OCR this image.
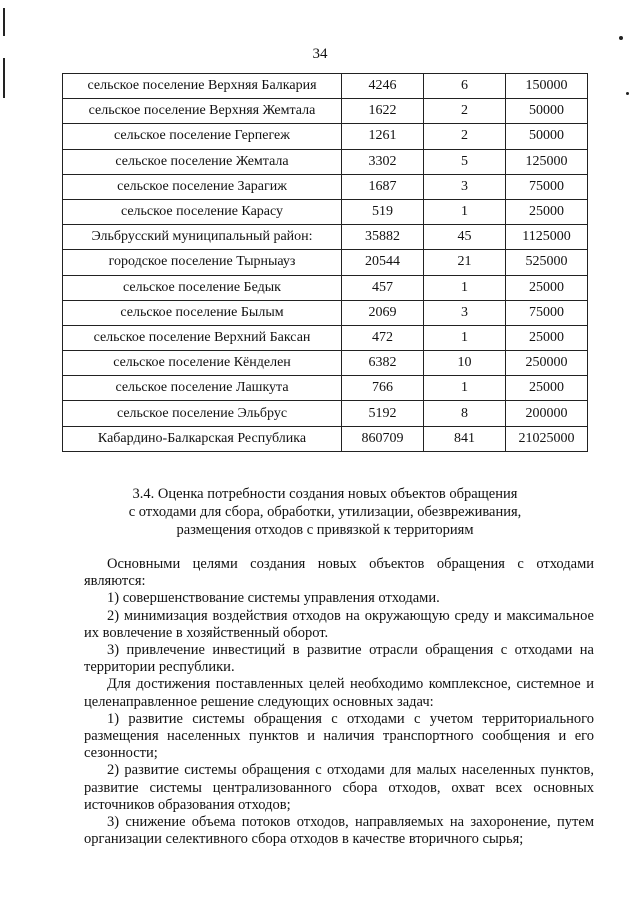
34
сельское поселение Верхняя Балкария	4246	6	150000
сельское поселение Верхняя Жемтала	1622	2	50000
сельское поселение Герпегеж	1261	2	50000
сельское поселение Жемтала	3302	5	125000
сельское поселение Зарагиж	1687	3	75000
сельское поселение Карасу	519	1	25000
Эльбрусский муниципальный район:	35882	45	1125000
городское поселение Тырныауз	20544	21	525000
сельское поселение Бедык	457	1	25000
сельское поселение Былым	2069	3	75000
сельское поселение Верхний Баксан	472	1	25000
сельское поселение Кёнделен	6382	10	250000
сельское поселение Лашкута	766	1	25000
сельское поселение Эльбрус	5192	8	200000
Кабардино-Балкарская Республика	860709	841	21025000
3.4. Оценка потребности создания новых объектов обращения
с отходами для сбора, обработки, утилизации, обезвреживания,
размещения отходов с привязкой к территориям

Основными целями создания новых объектов обращения с отходами являются:

1) совершенствование системы управления отходами.

2) минимизация воздействия отходов на окружающую среду и максимальное их вовлечение в хозяйственный оборот.

3) привлечение инвестиций в развитие отрасли обращения с отходами на территории республики.

Для достижения поставленных целей необходимо комплексное, системное и целенаправленное решение следующих основных задач:

1) развитие системы обращения с отходами с учетом территориального размещения населенных пунктов и наличия транспортного сообщения и его сезонности;

2) развитие системы обращения с отходами для малых населенных пунктов, развитие системы централизованного сбора отходов, охват всех основных источников образования отходов;

3) снижение объема потоков отходов, направляемых на захоронение, путем организации селективного сбора отходов в качестве вторичного сырья;
